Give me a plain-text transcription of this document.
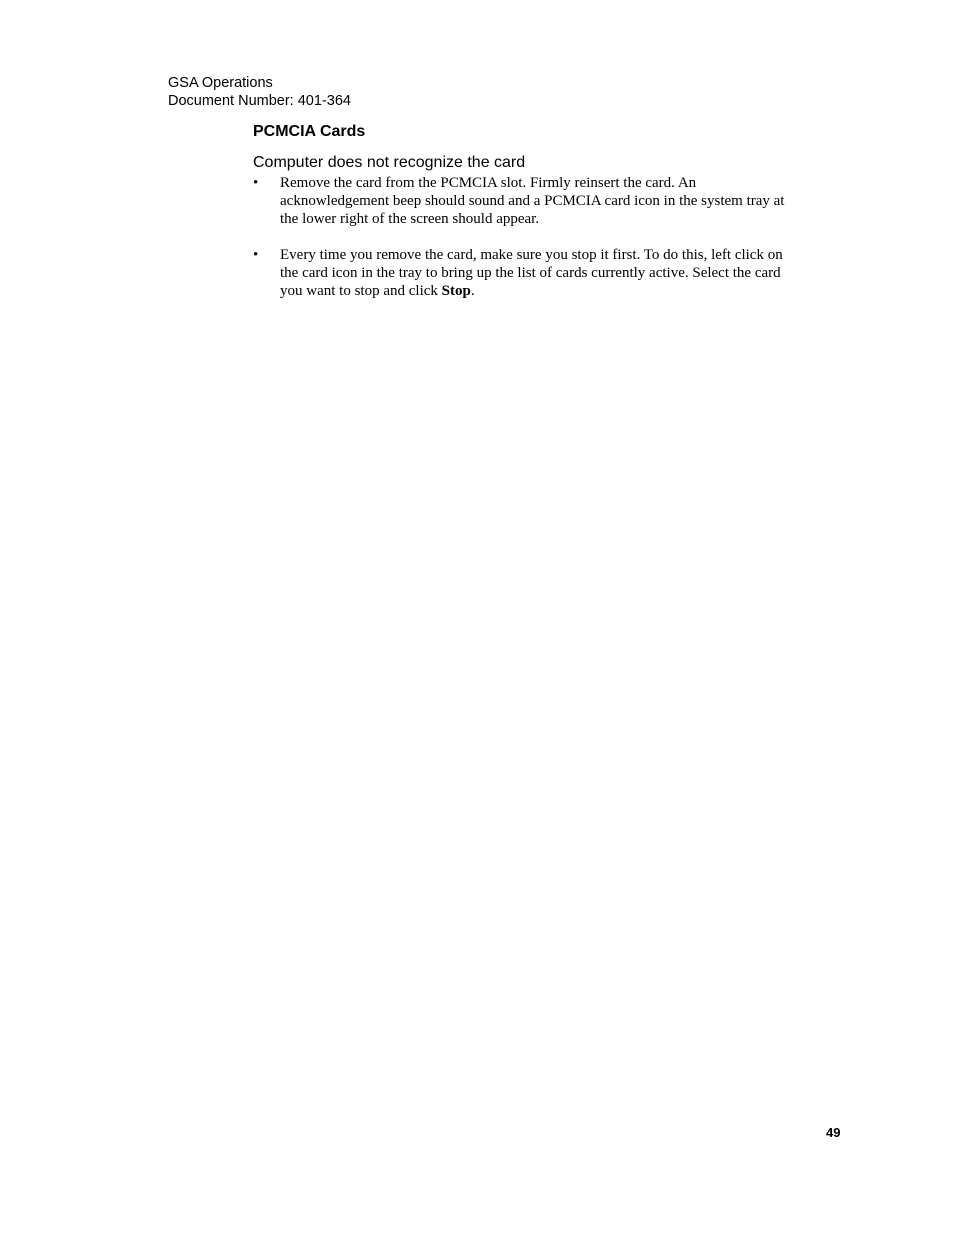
GSA Operations
Document Number: 401-364
PCMCIA Cards
Computer does not recognize the card
•	Remove the card from the PCMCIA slot. Firmly reinsert the card. An acknowledgement beep should sound and a PCMCIA card icon in the system tray at the lower right of the screen should appear.
•	Every time you remove the card, make sure you stop it first. To do this, left click on the card icon in the tray to bring up the list of cards currently active. Select the card you want to stop and click Stop.
49
